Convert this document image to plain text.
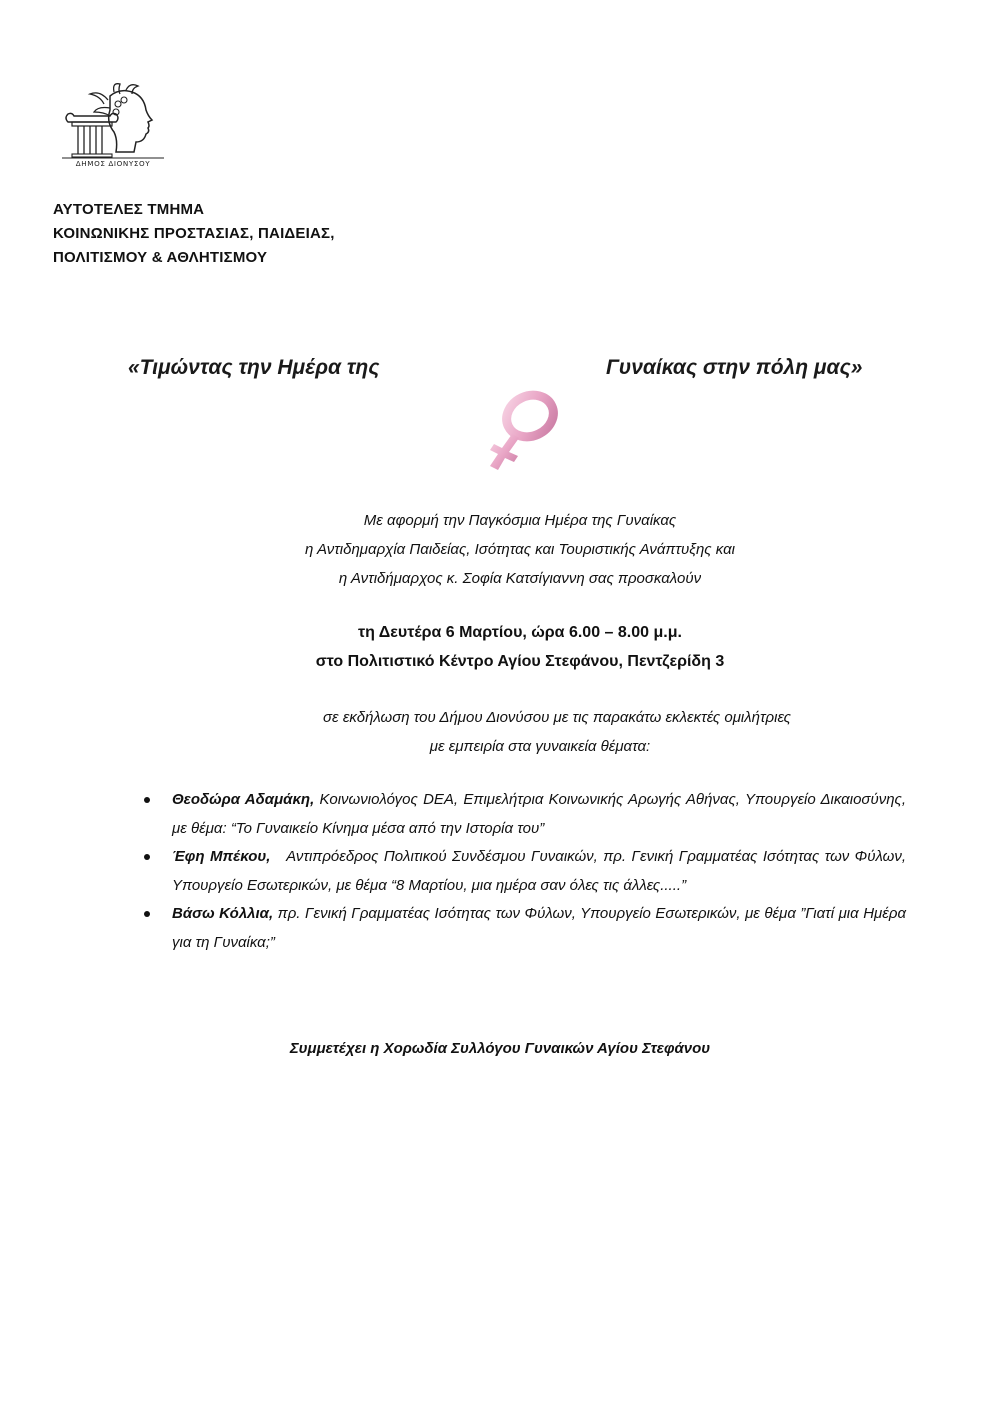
ΔΗΜΟΣ ΔΙΟΝΥΣΟΥ
ΑΥΤΟΤΕΛΕΣ ΤΜΗΜΑ
ΚΟΙΝΩΝΙΚΗΣ ΠΡΟΣΤΑΣΙΑΣ, ΠΑΙΔΕΙΑΣ,
ΠΟΛΙΤΙΣΜΟΥ & ΑΘΛΗΤΙΣΜΟΥ
«Τιμώντας την Ημέρα της	Γυναίκας στην πόλη μας»
Με αφορμή την Παγκόσμια Ημέρα της Γυναίκας
η Αντιδημαρχία Παιδείας, Ισότητας και Τουριστικής Ανάπτυξης και
η Αντιδήμαρχος κ. Σοφία Κατσίγιαννη σας προσκαλούν
τη Δευτέρα 6 Μαρτίου, ώρα 6.00 – 8.00 μ.μ.
στο Πολιτιστικό Κέντρο Αγίου Στεφάνου, Πεντζερίδη 3
σε εκδήλωση του Δήμου Διονύσου με τις παρακάτω εκλεκτές ομιλήτριες
με εμπειρία στα γυναικεία θέματα:
Θεοδώρα Αδαμάκη, Κοινωνιολόγος DEA, Επιμελήτρια Κοινωνικής Αρωγής Αθήνας, Υπουργείο Δικαιοσύνης, με θέμα: “Το Γυναικείο Κίνημα μέσα από την Ιστορία του”
Έφη Μπέκου,   Αντιπρόεδρος Πολιτικού Συνδέσμου Γυναικών, πρ. Γενική Γραμματέας Ισότητας των Φύλων, Υπουργείο Εσωτερικών, με θέμα “8 Μαρτίου, μια ημέρα σαν όλες τις άλλες.....”
Βάσω Κόλλια, πρ. Γενική Γραμματέας Ισότητας των Φύλων, Υπουργείο Εσωτερικών, με θέμα ”Γιατί μια Ημέρα για τη Γυναίκα;”
Συμμετέχει η Χορωδία Συλλόγου Γυναικών Αγίου Στεφάνου
